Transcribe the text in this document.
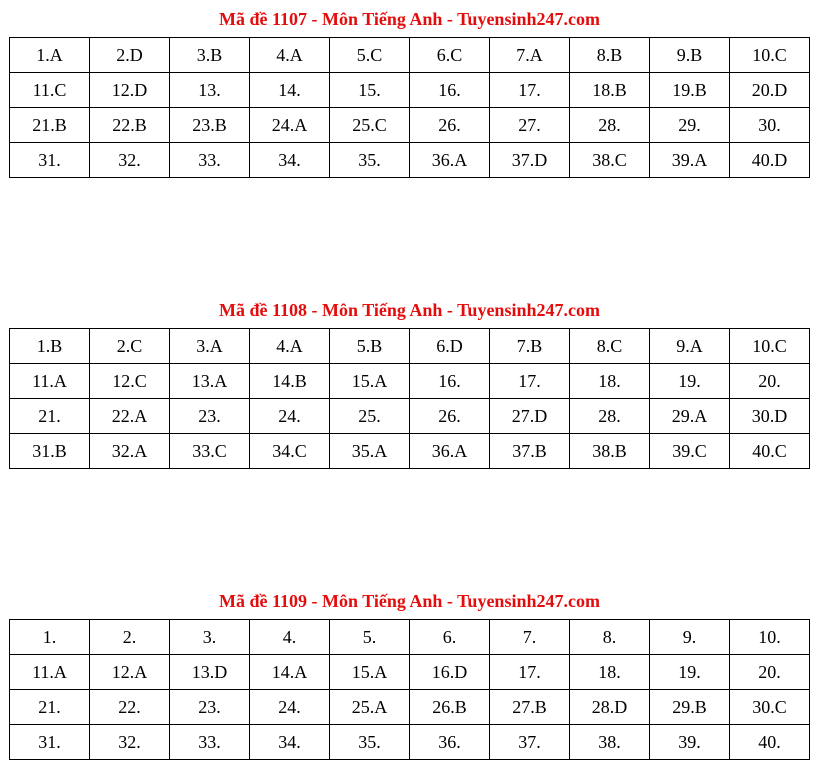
Mã đề 1107 - Môn Tiếng Anh - Tuyensinh247.com
1.A	2.D	3.B	4.A	5.C	6.C	7.A	8.B	9.B	10.C
11.C	12.D	13.	14.	15.	16.	17.	18.B	19.B	20.D
21.B	22.B	23.B	24.A	25.C	26.	27.	28.	29.	30.
31.	32.	33.	34.	35.	36.A	37.D	38.C	39.A	40.D
Mã đề 1108 - Môn Tiếng Anh - Tuyensinh247.com
1.B	2.C	3.A	4.A	5.B	6.D	7.B	8.C	9.A	10.C
11.A	12.C	13.A	14.B	15.A	16.	17.	18.	19.	20.
21.	22.A	23.	24.	25.	26.	27.D	28.	29.A	30.D
31.B	32.A	33.C	34.C	35.A	36.A	37.B	38.B	39.C	40.C
Mã đề 1109 - Môn Tiếng Anh - Tuyensinh247.com
1.	2.	3.	4.	5.	6.	7.	8.	9.	10.
11.A	12.A	13.D	14.A	15.A	16.D	17.	18.	19.	20.
21.	22.	23.	24.	25.A	26.B	27.B	28.D	29.B	30.C
31.	32.	33.	34.	35.	36.	37.	38.	39.	40.
